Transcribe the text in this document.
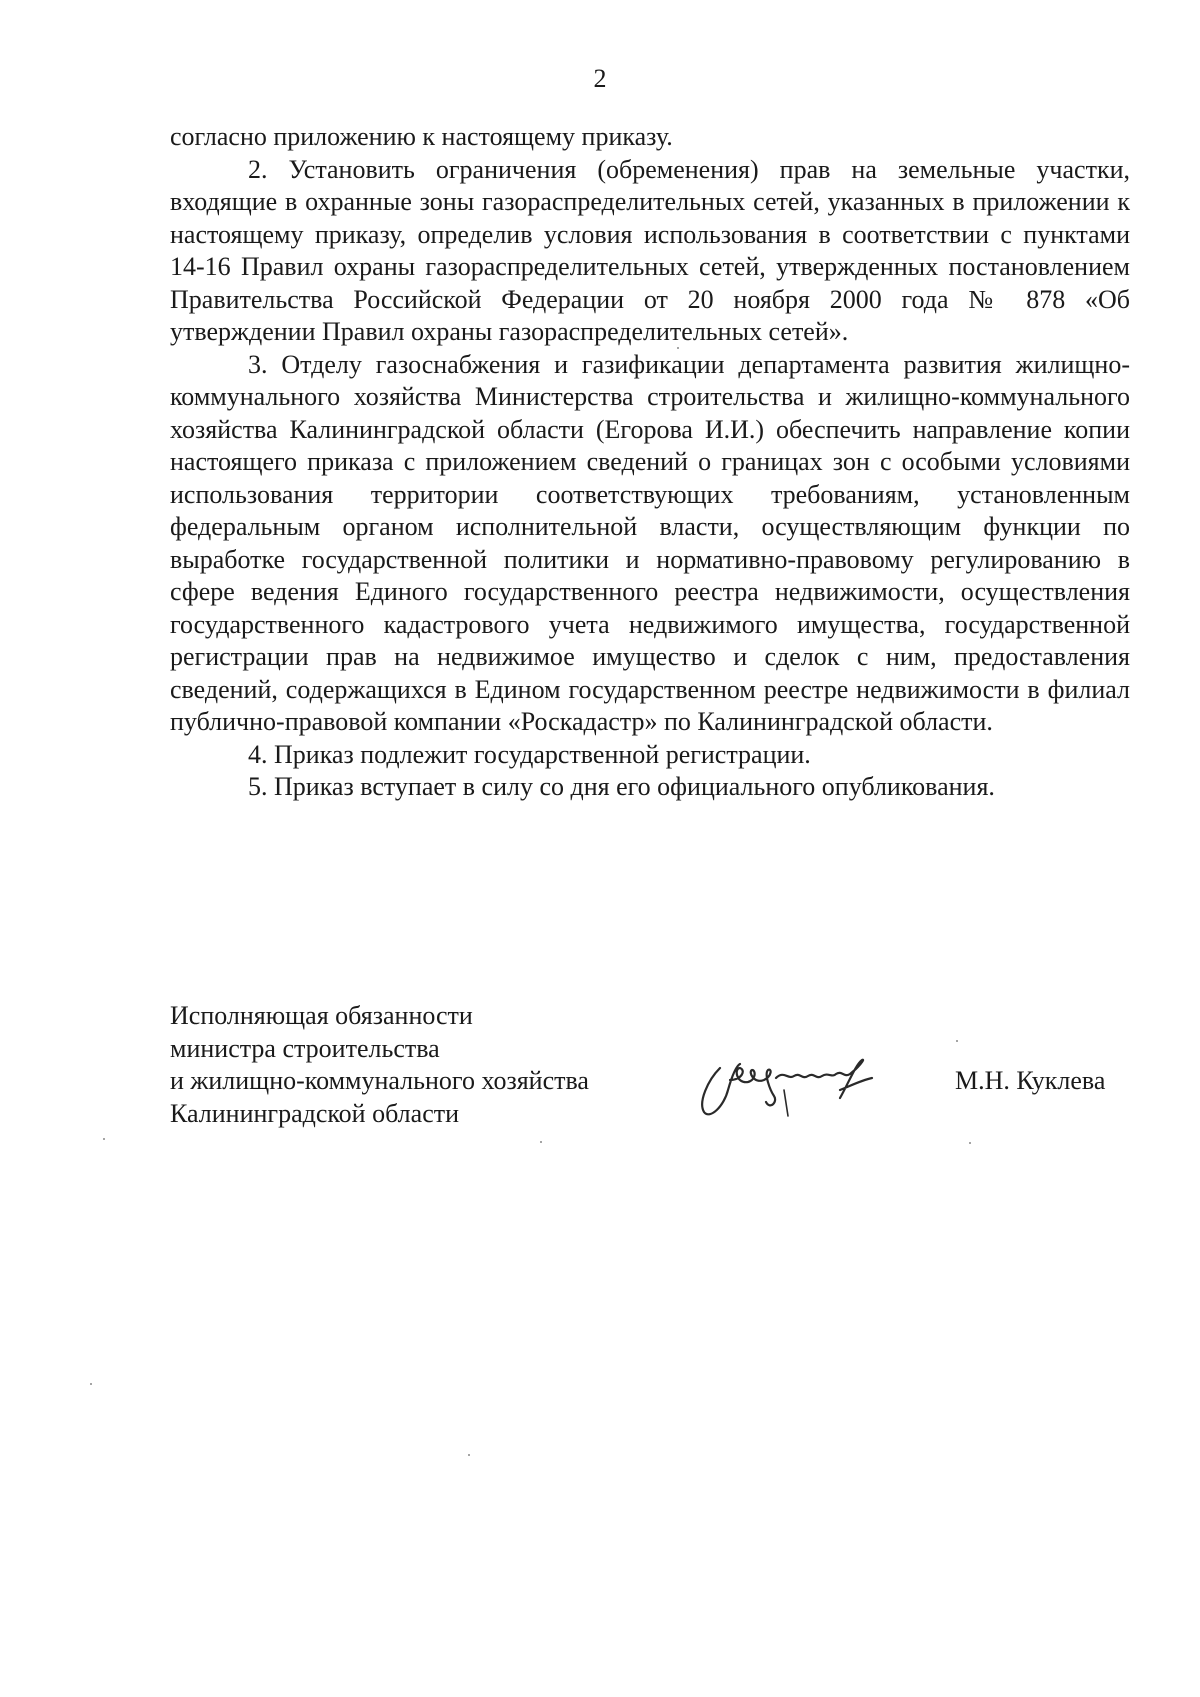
2

согласно приложению к настоящему приказу.

2. Установить ограничения (обременения) прав на земельные участки, входящие в охранные зоны газораспределительных сетей, указанных в приложении к настоящему приказу, определив условия использования в соответствии с пунктами 14-16 Правил охраны газораспределительных сетей, утвержденных постановлением Правительства Российской Федерации от 20 ноября 2000 года № 878 «Об утверждении Правил охраны газораспределительных сетей».

3. Отделу газоснабжения и газификации департамента развития жилищно-коммунального хозяйства Министерства строительства и жилищно-коммунального хозяйства Калининградской области (Егорова И.И.) обеспечить направление копии настоящего приказа с приложением сведений о границах зон с особыми условиями использования территории соответствующих требованиям, установленным федеральным органом исполнительной власти, осуществляющим функции по выработке государственной политики и нормативно-правовому регулированию в сфере ведения Единого государственного реестра недвижимости, осуществления государственного кадастрового учета недвижимого имущества, государственной регистрации прав на недвижимое имущество и сделок с ним, предоставления сведений, содержащихся в Едином государственном реестре недвижимости в филиал публично-правовой компании «Роскадастр» по Калининградской области.

4. Приказ подлежит государственной регистрации.

5. Приказ вступает в силу со дня его официального опубликования.

Исполняющая обязанности
министра строительства
и жилищно-коммунального хозяйства
Калининградской области
М.Н. Куклева
